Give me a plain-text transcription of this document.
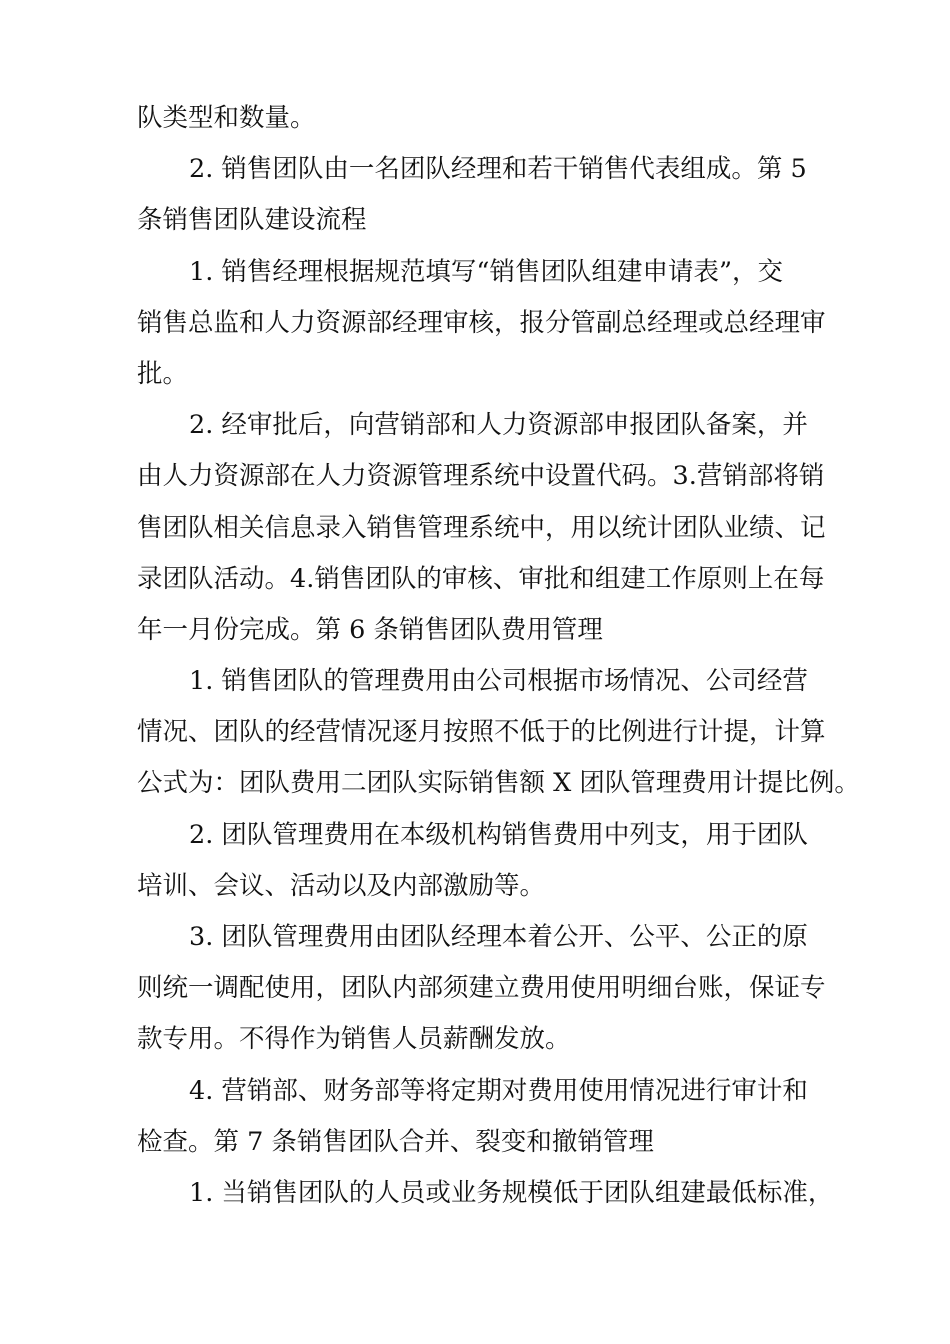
队类型和数量。

2. 销售团队由一名团队经理和若干销售代表组成。第 5
条销售团队建设流程

1. 销售经理根据规范填写“销售团队组建申请表”，交
销售总监和人力资源部经理审核，报分管副总经理或总经理审
批。

2. 经审批后，向营销部和人力资源部申报团队备案，并
由人力资源部在人力资源管理系统中设置代码。3.营销部将销
售团队相关信息录入销售管理系统中，用以统计团队业绩、记
录团队活动。4.销售团队的审核、审批和组建工作原则上在每
年一月份完成。第 6 条销售团队费用管理

1. 销售团队的管理费用由公司根据市场情况、公司经营
情况、团队的经营情况逐月按照不低于的比例进行计提，计算
公式为：团队费用二团队实际销售额 X 团队管理费用计提比例。

2. 团队管理费用在本级机构销售费用中列支，用于团队
培训、会议、活动以及内部激励等。

3. 团队管理费用由团队经理本着公开、公平、公正的原
则统一调配使用，团队内部须建立费用使用明细台账，保证专
款专用。不得作为销售人员薪酬发放。

4. 营销部、财务部等将定期对费用使用情况进行审计和
检查。第 7 条销售团队合并、裂变和撤销管理

1. 当销售团队的人员或业务规模低于团队组建最低标准，
